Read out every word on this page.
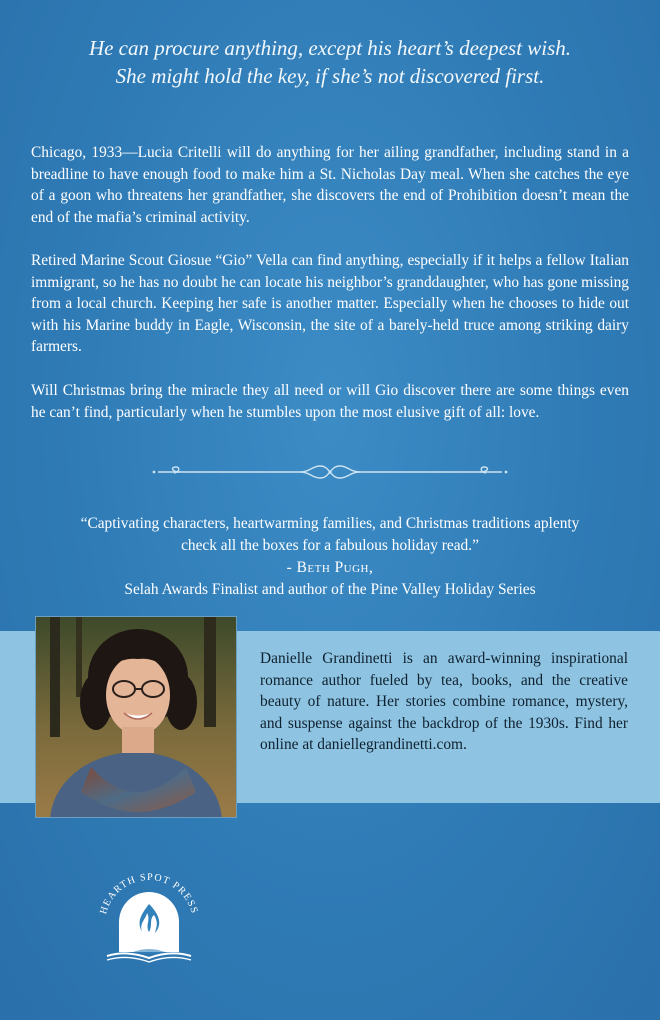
He can procure anything, except his heart’s deepest wish.
She might hold the key, if she’s not discovered first.

Chicago, 1933—Lucia Critelli will do anything for her ailing grandfather, including stand in a breadline to have enough food to make him a St. Nicholas Day meal. When she catches the eye of a goon who threatens her grandfather, she discovers the end of Prohibition doesn’t mean the end of the mafia’s criminal activity.

Retired Marine Scout Giosue “Gio” Vella can find anything, especially if it helps a fellow Italian immigrant, so he has no doubt he can locate his neighbor’s granddaughter, who has gone missing from a local church. Keeping her safe is another matter. Especially when he chooses to hide out with his Marine buddy in Eagle, Wisconsin, the site of a barely-held truce among striking dairy farmers.

Will Christmas bring the miracle they all need or will Gio discover there are some things even he can’t find, particularly when he stumbles upon the most elusive gift of all: love.

“Captivating characters, heartwarming families, and Christmas traditions aplenty
check all the boxes for a fabulous holiday read.”
- Beth Pugh,
Selah Awards Finalist and author of the Pine Valley Holiday Series

Danielle Grandinetti is an award-winning inspirational romance author fueled by tea, books, and the creative beauty of nature. Her stories combine romance, mystery, and suspense against the backdrop of the 1930s. Find her online at daniellegrandinetti.com.

HEARTH SPOT PRESS
HSP
